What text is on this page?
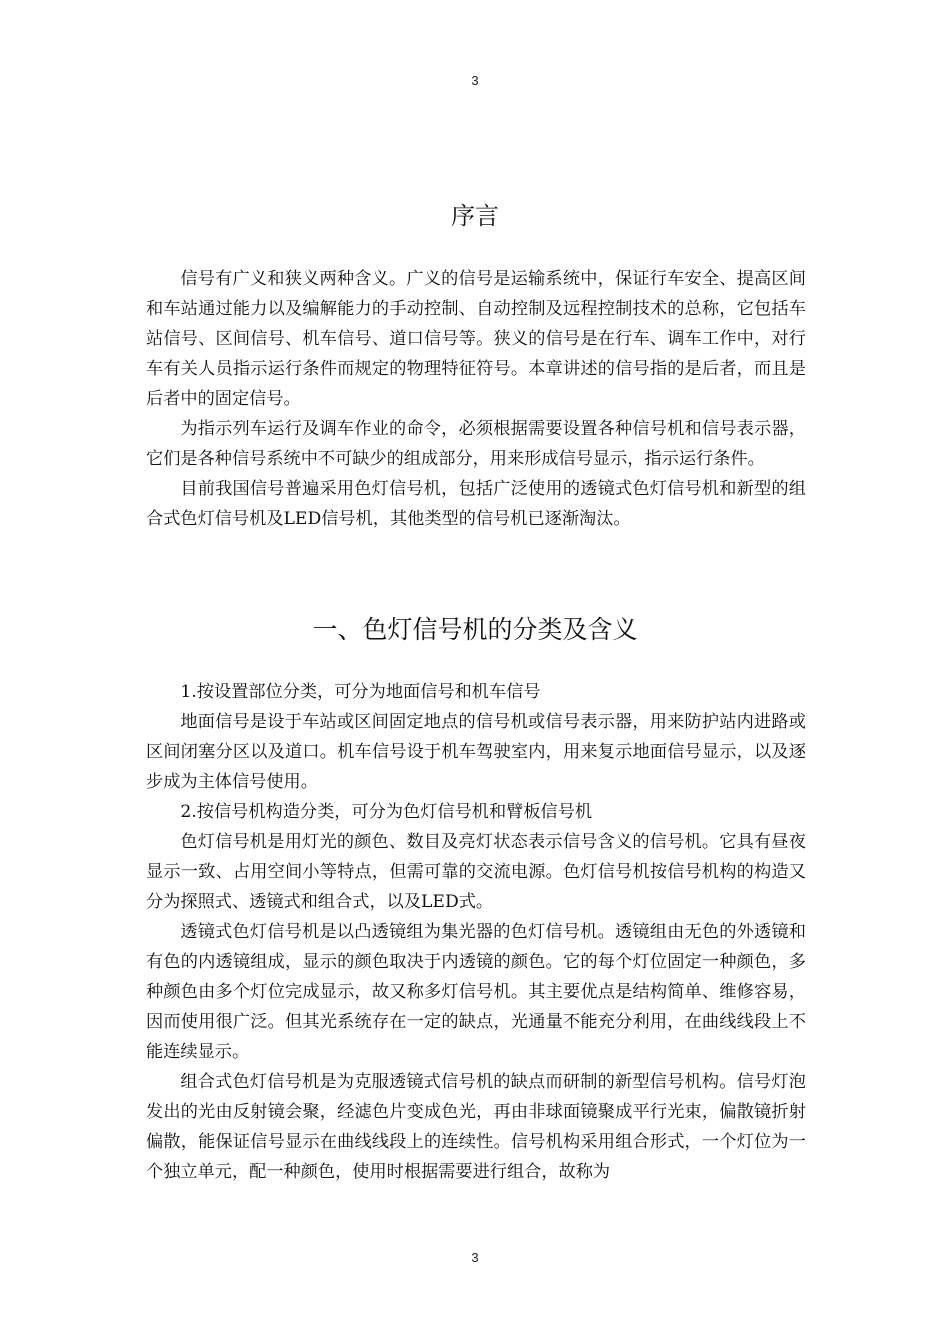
3
序言

信号有广义和狭义两种含义。广义的信号是运输系统中，保证行车安全、提高区间和车站通过能力以及编解能力的手动控制、自动控制及远程控制技术的总称，它包括车站信号、区间信号、机车信号、道口信号等。狭义的信号是在行车、调车工作中，对行车有关人员指示运行条件而规定的物理特征符号。本章讲述的信号指的是后者，而且是后者中的固定信号。

为指示列车运行及调车作业的命令，必须根据需要设置各种信号机和信号表示器，它们是各种信号系统中不可缺少的组成部分，用来形成信号显示，指示运行条件。

目前我国信号普遍采用色灯信号机，包括广泛使用的透镜式色灯信号机和新型的组合式色灯信号机及LED信号机，其他类型的信号机已逐渐淘汰。

一、色灯信号机的分类及含义

1.按设置部位分类，可分为地面信号和机车信号

地面信号是设于车站或区间固定地点的信号机或信号表示器，用来防护站内进路或区间闭塞分区以及道口。机车信号设于机车驾驶室内，用来复示地面信号显示，以及逐步成为主体信号使用。

2.按信号机构造分类，可分为色灯信号机和臂板信号机

色灯信号机是用灯光的颜色、数目及亮灯状态表示信号含义的信号机。它具有昼夜显示一致、占用空间小等特点，但需可靠的交流电源。色灯信号机按信号机构的构造又分为探照式、透镜式和组合式，以及LED式。

透镜式色灯信号机是以凸透镜组为集光器的色灯信号机。透镜组由无色的外透镜和有色的内透镜组成，显示的颜色取决于内透镜的颜色。它的每个灯位固定一种颜色，多种颜色由多个灯位完成显示，故又称多灯信号机。其主要优点是结构简单、维修容易，因而使用很广泛。但其光系统存在一定的缺点，光通量不能充分利用，在曲线线段上不能连续显示。

组合式色灯信号机是为克服透镜式信号机的缺点而研制的新型信号机构。信号灯泡发出的光由反射镜会聚，经滤色片变成色光，再由非球面镜聚成平行光束，偏散镜折射偏散，能保证信号显示在曲线线段上的连续性。信号机构采用组合形式，一个灯位为一个独立单元，配一种颜色，使用时根据需要进行组合，故称为

3
